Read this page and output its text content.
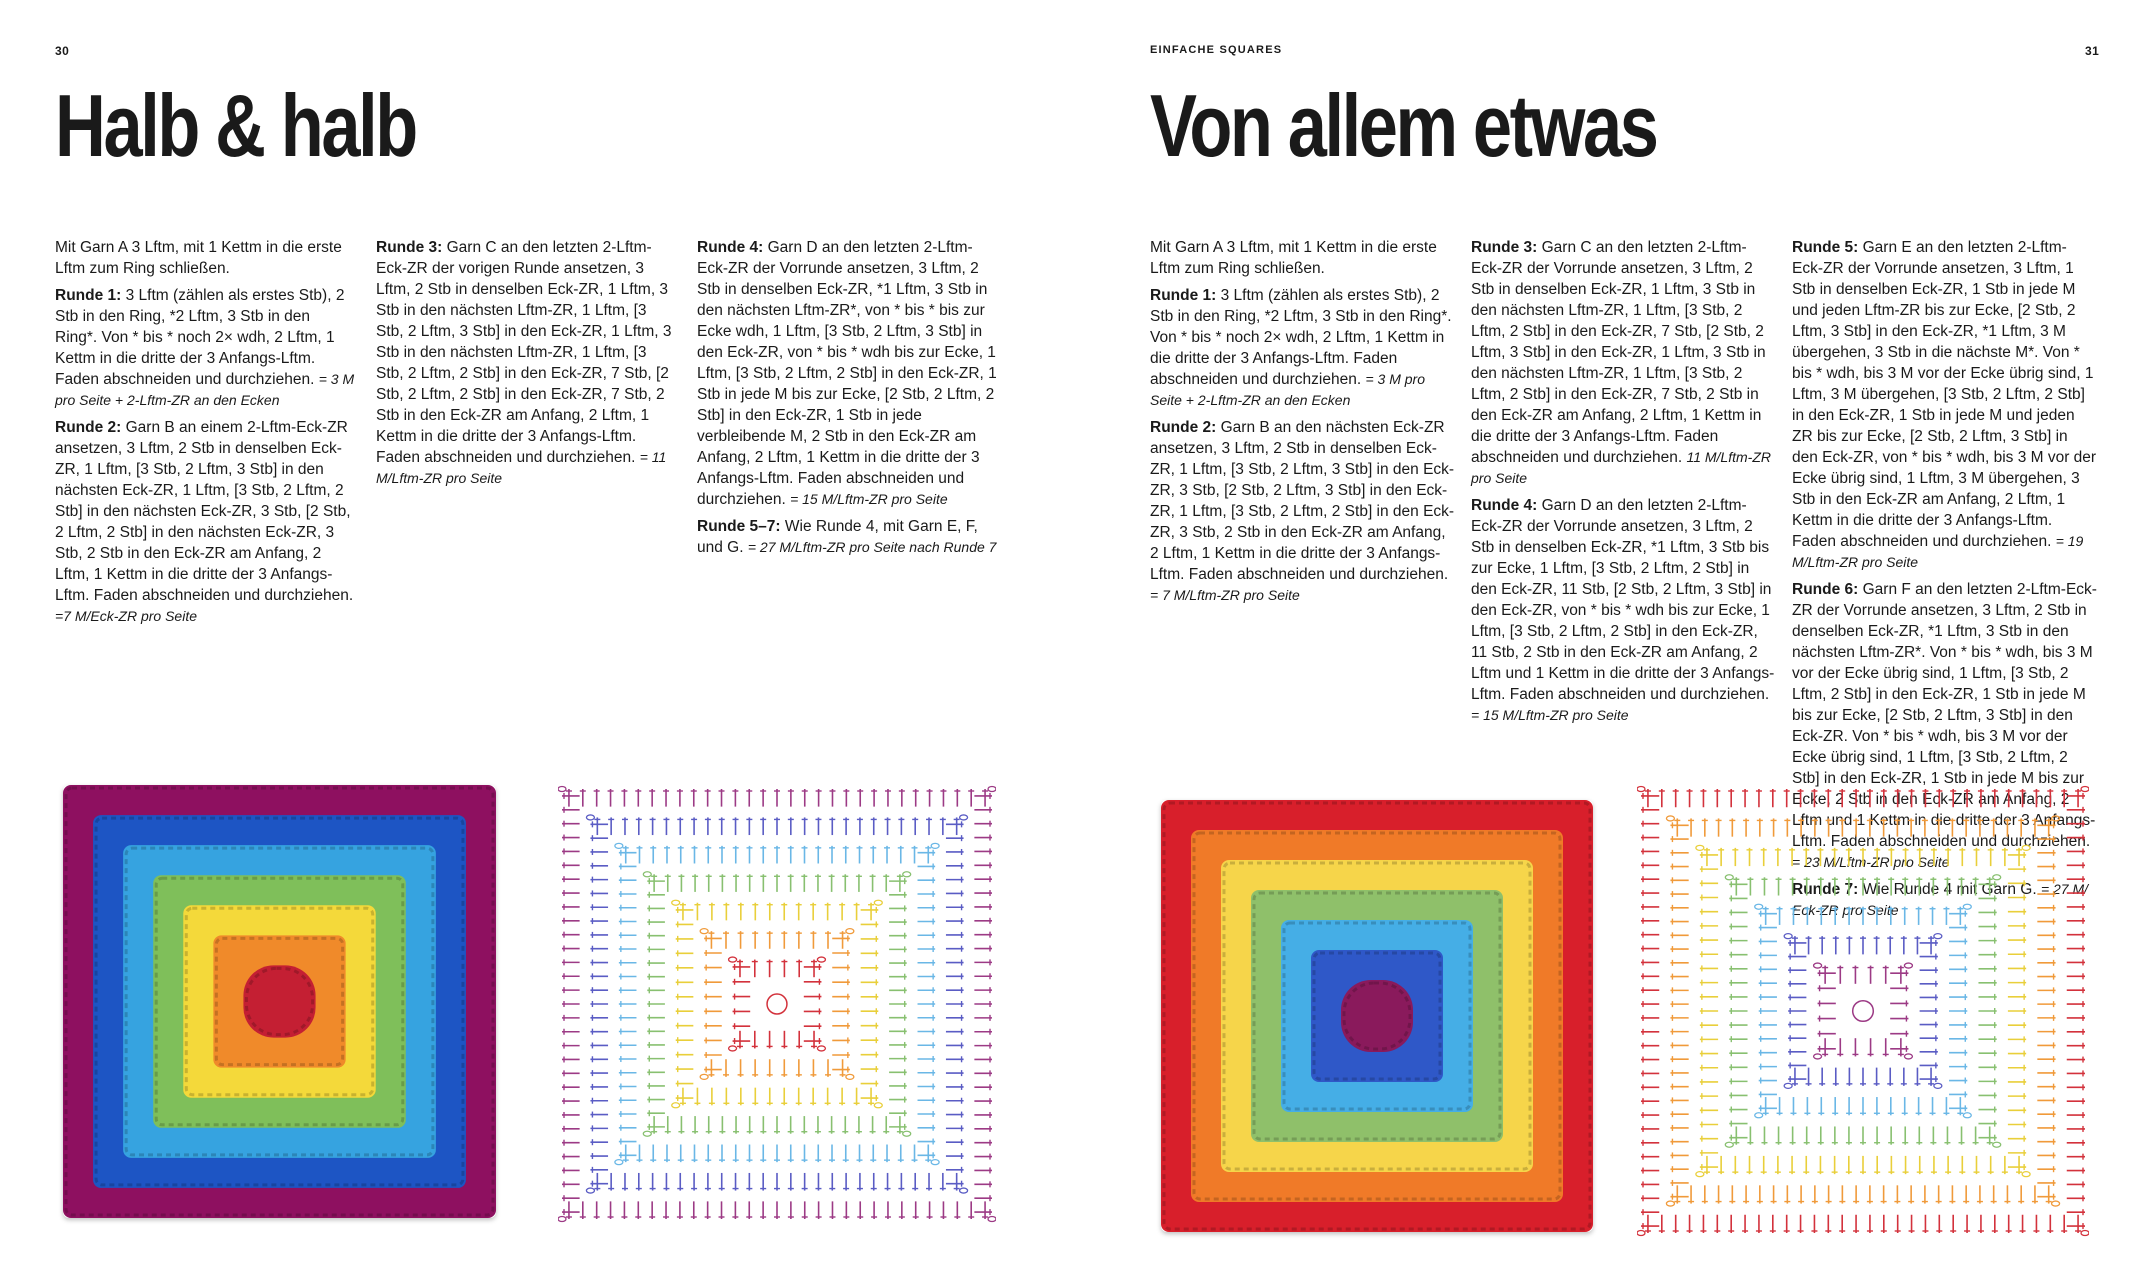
30
Halb & halb

Mit Garn A 3 Lftm, mit 1 Kettm in die erste Lftm zum Ring schließen.

Runde 1: 3 Lftm (zählen als erstes Stb), 2 Stb in den Ring, *2 Lftm, 3 Stb in den Ring*. Von * bis * noch 2× wdh, 2 Lftm, 1 Kettm in die dritte der 3 Anfangs-Lftm. Faden abschneiden und durchziehen. = 3 M pro Seite + 2-Lftm-ZR an den Ecken

Runde 2: Garn B an einem 2-Lftm-Eck-ZR ansetzen, 3 Lftm, 2 Stb in denselben Eck-ZR, 1 Lftm, [3 Stb, 2 Lftm, 3 Stb] in den nächsten Eck-ZR, 1 Lftm, [3 Stb, 2 Lftm, 2 Stb] in den nächsten Eck-ZR, 3 Stb, [2 Stb, 2 Lftm, 2 Stb] in den nächsten Eck-ZR, 3 Stb, 2 Stb in den Eck-ZR am Anfang, 2 Lftm, 1 Kettm in die dritte der 3 Anfangs-Lftm. Faden abschneiden und durchziehen. =7 M/Eck-ZR pro Seite

Runde 3: Garn C an den letzten 2-Lftm-Eck-ZR der vorigen Runde ansetzen, 3 Lftm, 2 Stb in denselben Eck-ZR, 1 Lftm, 3 Stb in den nächsten Lftm-ZR, 1 Lftm, [3 Stb, 2 Lftm, 3 Stb] in den Eck-ZR, 1 Lftm, 3 Stb in den nächsten Lftm-ZR, 1 Lftm, [3 Stb, 2 Lftm, 2 Stb] in den Eck-ZR, 7 Stb, [2 Stb, 2 Lftm, 2 Stb] in den Eck-ZR, 7 Stb, 2 Stb in den Eck-ZR am Anfang, 2 Lftm, 1 Kettm in die dritte der 3 Anfangs-Lftm. Faden abschneiden und durchziehen. = 11 M/Lftm-ZR pro Seite

Runde 4: Garn D an den letzten 2-Lftm-Eck-ZR der Vorrunde ansetzen, 3 Lftm, 2 Stb in denselben Eck-ZR, *1 Lftm, 3 Stb in den nächsten Lftm-ZR*, von * bis * bis zur Ecke wdh, 1 Lftm, [3 Stb, 2 Lftm, 3 Stb] in den Eck-ZR, von * bis * wdh bis zur Ecke, 1 Lftm, [3 Stb, 2 Lftm, 2 Stb] in den Eck-ZR, 1 Stb in jede M bis zur Ecke, [2 Stb, 2 Lftm, 2 Stb] in den Eck-ZR, 1 Stb in jede verbleibende M, 2 Stb in den Eck-ZR am Anfang, 2 Lftm, 1 Kettm in die dritte der 3 Anfangs-Lftm. Faden abschneiden und durchziehen. = 15 M/Lftm-ZR pro Seite

Runde 5–7: Wie Runde 4, mit Garn E, F, und G. = 27 M/Lftm-ZR pro Seite nach Runde 7

EINFACHE SQUARES	31
Von allem etwas

Mit Garn A 3 Lftm, mit 1 Kettm in die erste Lftm zum Ring schließen.

Runde 1: 3 Lftm (zählen als erstes Stb), 2 Stb in den Ring, *2 Lftm, 3 Stb in den Ring*. Von * bis * noch 2× wdh, 2 Lftm, 1 Kettm in die dritte der 3 Anfangs-Lftm. Faden abschneiden und durchziehen. = 3 M pro Seite + 2-Lftm-ZR an den Ecken

Runde 2: Garn B an den nächsten Eck-ZR ansetzen, 3 Lftm, 2 Stb in denselben Eck-ZR, 1 Lftm, [3 Stb, 2 Lftm, 3 Stb] in den Eck-ZR, 3 Stb, [2 Stb, 2 Lftm, 3 Stb] in den Eck-ZR, 1 Lftm, [3 Stb, 2 Lftm, 2 Stb] in den Eck-ZR, 3 Stb, 2 Stb in den Eck-ZR am Anfang, 2 Lftm, 1 Kettm in die dritte der 3 Anfangs-Lftm. Faden abschneiden und durchziehen. = 7 M/Lftm-ZR pro Seite

Runde 3: Garn C an den letzten 2-Lftm-Eck-ZR der Vorrunde ansetzen, 3 Lftm, 2 Stb in denselben Eck-ZR, 1 Lftm, 3 Stb in den nächsten Lftm-ZR, 1 Lftm, [3 Stb, 2 Lftm, 2 Stb] in den Eck-ZR, 7 Stb, [2 Stb, 2 Lftm, 3 Stb] in den Eck-ZR, 1 Lftm, 3 Stb in den nächsten Lftm-ZR, 1 Lftm, [3 Stb, 2 Lftm, 2 Stb] in den Eck-ZR, 7 Stb, 2 Stb in den Eck-ZR am Anfang, 2 Lftm, 1 Kettm in die dritte der 3 Anfangs-Lftm. Faden abschneiden und durchziehen. 11 M/Lftm-ZR pro Seite

Runde 4: Garn D an den letzten 2-Lftm-Eck-ZR der Vorrunde ansetzen, 3 Lftm, 2 Stb in denselben Eck-ZR, *1 Lftm, 3 Stb bis zur Ecke, 1 Lftm, [3 Stb, 2 Lftm, 2 Stb] in den Eck-ZR, 11 Stb, [2 Stb, 2 Lftm, 3 Stb] in den Eck-ZR, von * bis * wdh bis zur Ecke, 1 Lftm, [3 Stb, 2 Lftm, 2 Stb] in den Eck-ZR, 11 Stb, 2 Stb in den Eck-ZR am Anfang, 2 Lftm und 1 Kettm in die dritte der 3 Anfangs-Lftm. Faden abschneiden und durchziehen. = 15 M/Lftm-ZR pro Seite

Runde 5: Garn E an den letzten 2-Lftm-Eck-ZR der Vorrunde ansetzen, 3 Lftm, 1 Stb in denselben Eck-ZR, 1 Stb in jede M und jeden Lftm-ZR bis zur Ecke, [2 Stb, 2 Lftm, 3 Stb] in den Eck-ZR, *1 Lftm, 3 M übergehen, 3 Stb in die nächste M*. Von * bis * wdh, bis 3 M vor der Ecke übrig sind, 1 Lftm, 3 M übergehen, [3 Stb, 2 Lftm, 2 Stb] in den Eck-ZR, 1 Stb in jede M und jeden ZR bis zur Ecke, [2 Stb, 2 Lftm, 3 Stb] in den Eck-ZR, von * bis * wdh, bis 3 M vor der Ecke übrig sind, 1 Lftm, 3 M übergehen, 3 Stb in den Eck-ZR am Anfang, 2 Lftm, 1 Kettm in die dritte der 3 Anfangs-Lftm. Faden abschneiden und durchziehen. = 19 M/Lftm-ZR pro Seite

Runde 6: Garn F an den letzten 2-Lftm-Eck-ZR der Vorrunde ansetzen, 3 Lftm, 2 Stb in denselben Eck-ZR, *1 Lftm, 3 Stb in den nächsten Lftm-ZR*. Von * bis * wdh, bis 3 M vor der Ecke übrig sind, 1 Lftm, [3 Stb, 2 Lftm, 2 Stb] in den Eck-ZR, 1 Stb in jede M bis zur Ecke, [2 Stb, 2 Lftm, 3 Stb] in den Eck-ZR. Von * bis * wdh, bis 3 M vor der Ecke übrig sind, 1 Lftm, [3 Stb, 2 Lftm, 2 Stb] in den Eck-ZR, 1 Stb in jede M bis zur Ecke, 2 Stb in den Eck-ZR am Anfang, 2 Lftm und 1 Kettm in die dritte der 3 Anfangs-Lftm. Faden abschneiden und durchziehen. = 23 M/Lftm-ZR pro Seite

Runde 7: Wie Runde 4 mit Garn G. = 27 M/ Eck-ZR pro Seite
